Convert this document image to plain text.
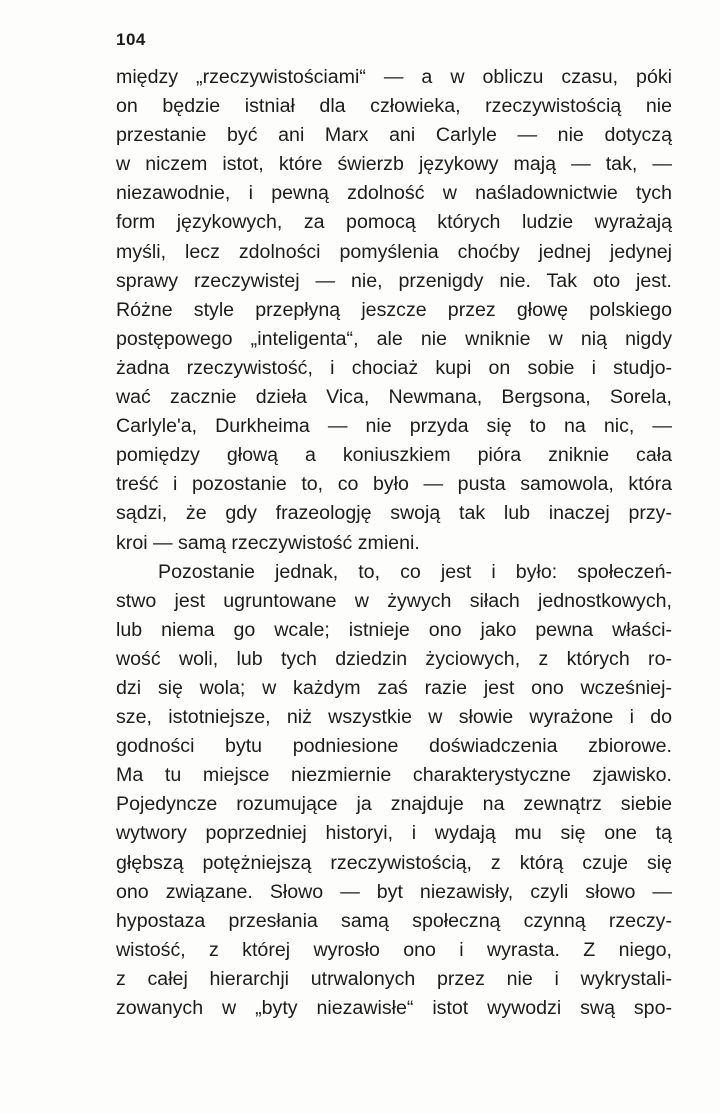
104
między „rzeczywistościami“ — a w obliczu czasu, póki
on będzie istniał dla człowieka, rzeczywistością nie
przestanie być ani Marx ani Carlyle — nie dotyczą
w niczem istot, które świerzb językowy mają — tak, —
niezawodnie, i pewną zdolność w naśladownictwie tych
form językowych, za pomocą których ludzie wyrażają
myśli, lecz zdolności pomyślenia choćby jednej jedynej
sprawy rzeczywistej — nie, przenigdy nie. Tak oto jest.
Różne style przepłyną jeszcze przez głowę polskiego
postępowego „inteligenta“, ale nie wniknie w nią nigdy
żadna rzeczywistość, i chociaż kupi on sobie i studjo-
wać zacznie dzieła Vica, Newmana, Bergsona, Sorela,
Carlyle'a, Durkheima — nie przyda się to na nic, —
pomiędzy głową a koniuszkiem pióra zniknie cała
treść i pozostanie to, co było — pusta samowola, która
sądzi, że gdy frazeologję swoją tak lub inaczej przy-
kroi — samą rzeczywistość zmieni.
Pozostanie jednak, to, co jest i było: społeczeń-
stwo jest ugruntowane w żywych siłach jednostkowych,
lub niema go wcale; istnieje ono jako pewna właści-
wość woli, lub tych dziedzin życiowych, z których ro-
dzi się wola; w każdym zaś razie jest ono wcześniej-
sze, istotniejsze, niż wszystkie w słowie wyrażone i do
godności bytu podniesione doświadczenia zbiorowe.
Ma tu miejsce niezmiernie charakterystyczne zjawisko.
Pojedyncze rozumujące ja znajduje na zewnątrz siebie
wytwory poprzedniej historyi, i wydają mu się one tą
głębszą potężniejszą rzeczywistością, z którą czuje się
ono związane. Słowo — byt niezawisły, czyli słowo —
hypostaza przesłania samą społeczną czynną rzeczy-
wistość, z której wyrosło ono i wyrasta. Z niego,
z całej hierarchji utrwalonych przez nie i wykrystali-
zowanych w „byty niezawisłe“ istot wywodzi swą spo-
